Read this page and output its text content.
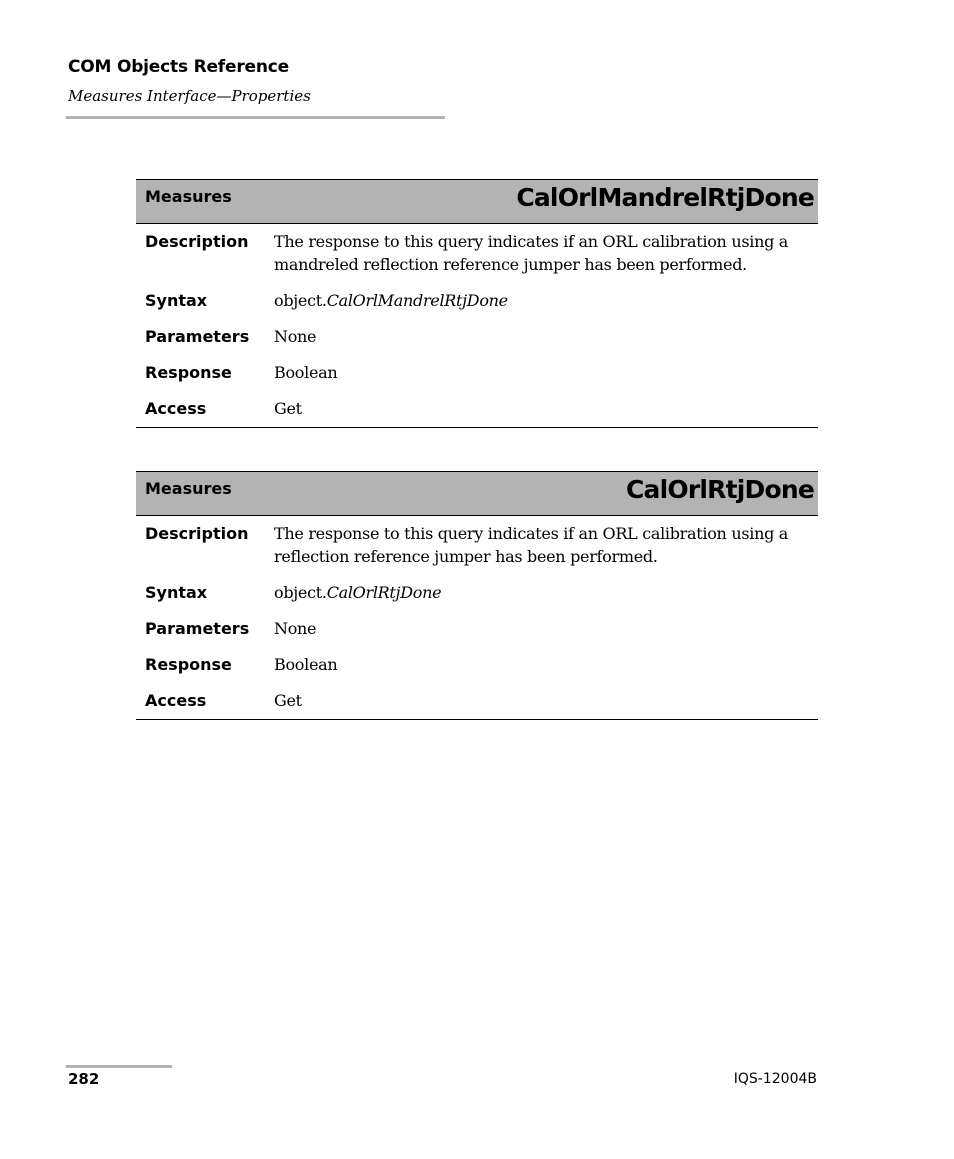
COM Objects Reference
Measures Interface—Properties
Measures	CalOrlMandrelRtjDone
Description	The response to this query indicates if an ORL calibration using a mandreled reflection reference jumper has been performed.
Syntax	object.CalOrlMandrelRtjDone
Parameters	None
Response	Boolean
Access	Get
Measures	CalOrlRtjDone
Description	The response to this query indicates if an ORL calibration using a reflection reference jumper has been performed.
Syntax	object.CalOrlRtjDone
Parameters	None
Response	Boolean
Access	Get
282	IQS-12004B
